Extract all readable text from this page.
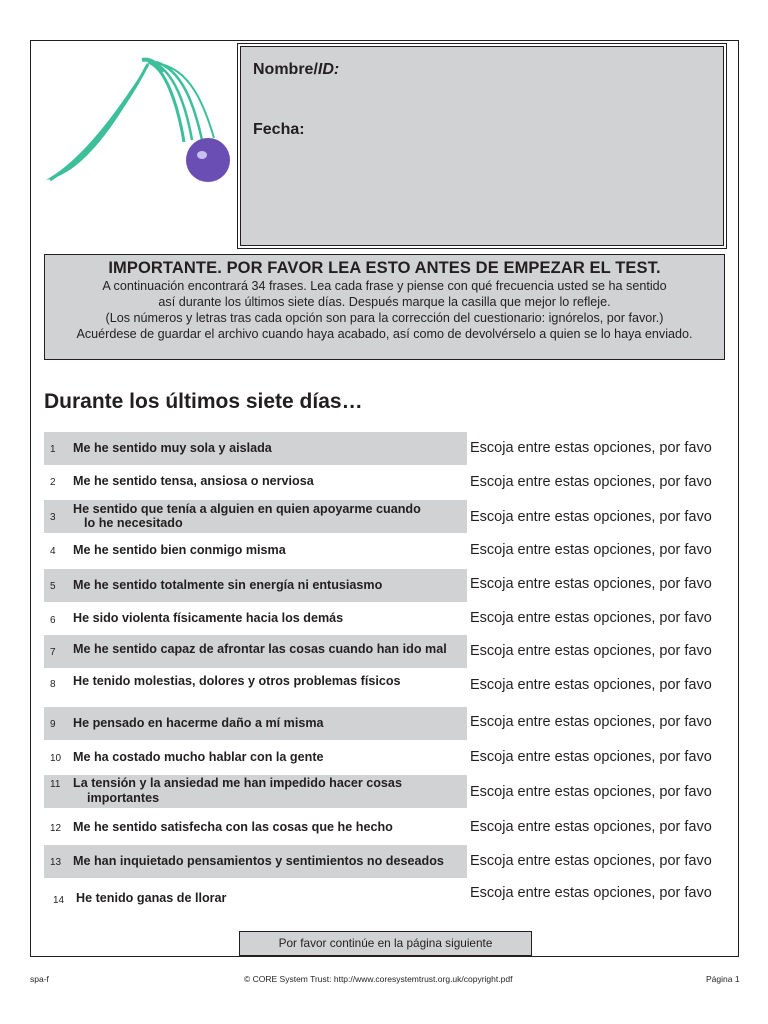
Nombre/ID:
Fecha:
IMPORTANTE. POR FAVOR LEA ESTO ANTES DE EMPEZAR EL TEST.
A continuación encontrará 34 frases. Lea cada frase y piense con qué frecuencia usted se ha sentido
así durante los últimos siete días. Después marque la casilla que mejor lo refleje.
(Los números y letras tras cada opción son para la corrección del cuestionario: ignórelos, por favor.)
Acuérdese de guardar el archivo cuando haya acabado, así como de devolvérselo a quien se lo haya enviado.
Durante los últimos siete días…
1 Me he sentido muy sola y aislada	Escoja entre estas opciones, por favo
2 Me he sentido tensa, ansiosa o nerviosa	Escoja entre estas opciones, por favo
3
He sentido que tenía a alguien en quien apoyarme cuando
lo he necesitado	Escoja entre estas opciones, por favo
4 Me he sentido bien conmigo misma	Escoja entre estas opciones, por favo
5 Me he sentido totalmente sin energía ni entusiasmo	Escoja entre estas opciones, por favo
6 He sido violenta físicamente hacia los demás	Escoja entre estas opciones, por favo
7 Me he sentido capaz de afrontar las cosas cuando han ido mal Escoja entre estas opciones, por favo
8 He tenido molestias, dolores y otros problemas físicos	Escoja entre estas opciones, por favo
9 He pensado en hacerme daño a mí misma	Escoja entre estas opciones, por favo
10 Me ha costado mucho hablar con la gente	Escoja entre estas opciones, por favo
11 La tensión y la ansiedad me han impedido hacer cosas
importantes	Escoja entre estas opciones, por favo
12 Me he sentido satisfecha con las cosas que he hecho	Escoja entre estas opciones, por favo
13 Me han inquietado pensamientos y sentimientos no deseados Escoja entre estas opciones, por favo
14 He tenido ganas de llorar	Escoja entre estas opciones, por favo
Por favor continúe en la página siguiente
spa-f	© CORE System Trust: http://www.coresystemtrust.org.uk/copyright.pdf	Página 1
